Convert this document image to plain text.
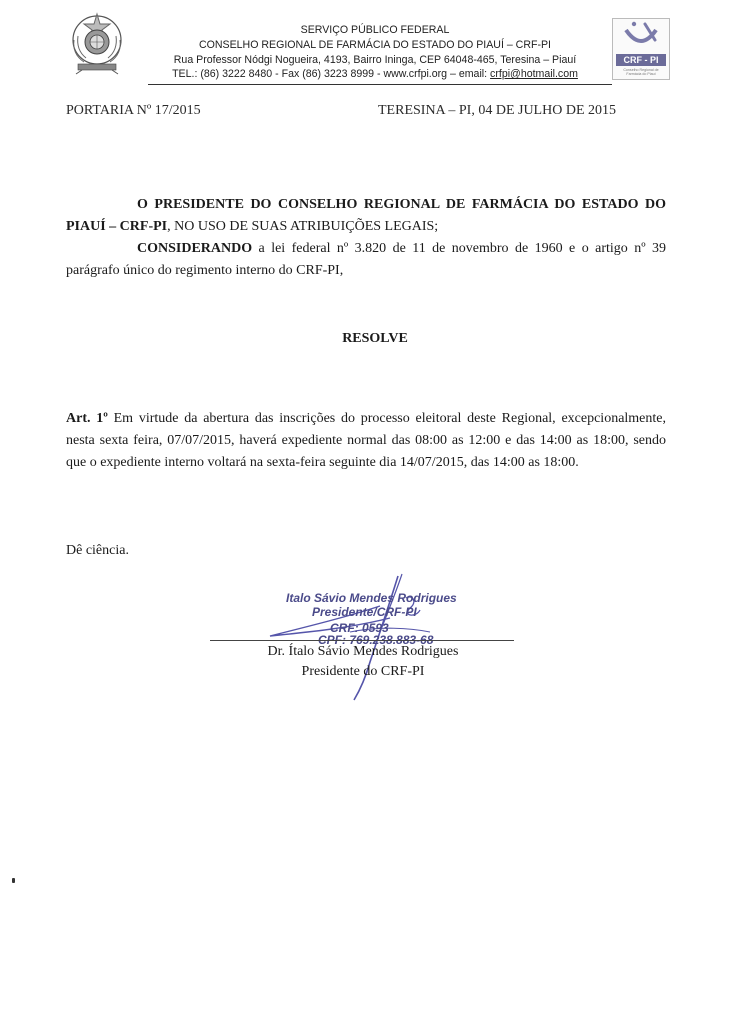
SERVIÇO PÚBLICO FEDERAL
CONSELHO REGIONAL DE FARMÁCIA DO ESTADO DO PIAUÍ – CRF-PI
Rua Professor Nódgi Nogueira, 4193, Bairro Ininga, CEP 64048-465, Teresina – Piauí
TEL.: (86) 3222 8480 - Fax (86) 3223 8999 - www.crfpi.org – email: crfpi@hotmail.com
CRF - PI
Conselho Regional de Farmácia do Piauí
PORTARIA Nº 17/2015	TERESINA – PI, 04 DE JULHO DE 2015

O PRESIDENTE DO CONSELHO REGIONAL DE FARMÁCIA DO ESTADO DO PIAUÍ – CRF-PI, NO USO DE SUAS ATRIBUIÇÕES LEGAIS;

CONSIDERANDO a lei federal nº 3.820 de 11 de novembro de 1960 e o artigo nº 39 parágrafo único do regimento interno do CRF-PI,

RESOLVE

Art. 1º Em virtude da abertura das inscrições do processo eleitoral deste Regional, excepcionalmente, nesta sexta feira, 07/07/2015, haverá expediente normal das 08:00 as 12:00 e das 14:00 as 18:00, sendo que o expediente interno voltará na sexta-feira seguinte dia 14/07/2015, das 14:00 as 18:00.

Dê ciência.
Italo Sávio Mendes Rodrigues
Presidente/CRF-PI
CRF: 0593
CPF: 769.238.883-68
Dr. Ítalo Sávio Mendes Rodrigues
Presidente do CRF-PI
